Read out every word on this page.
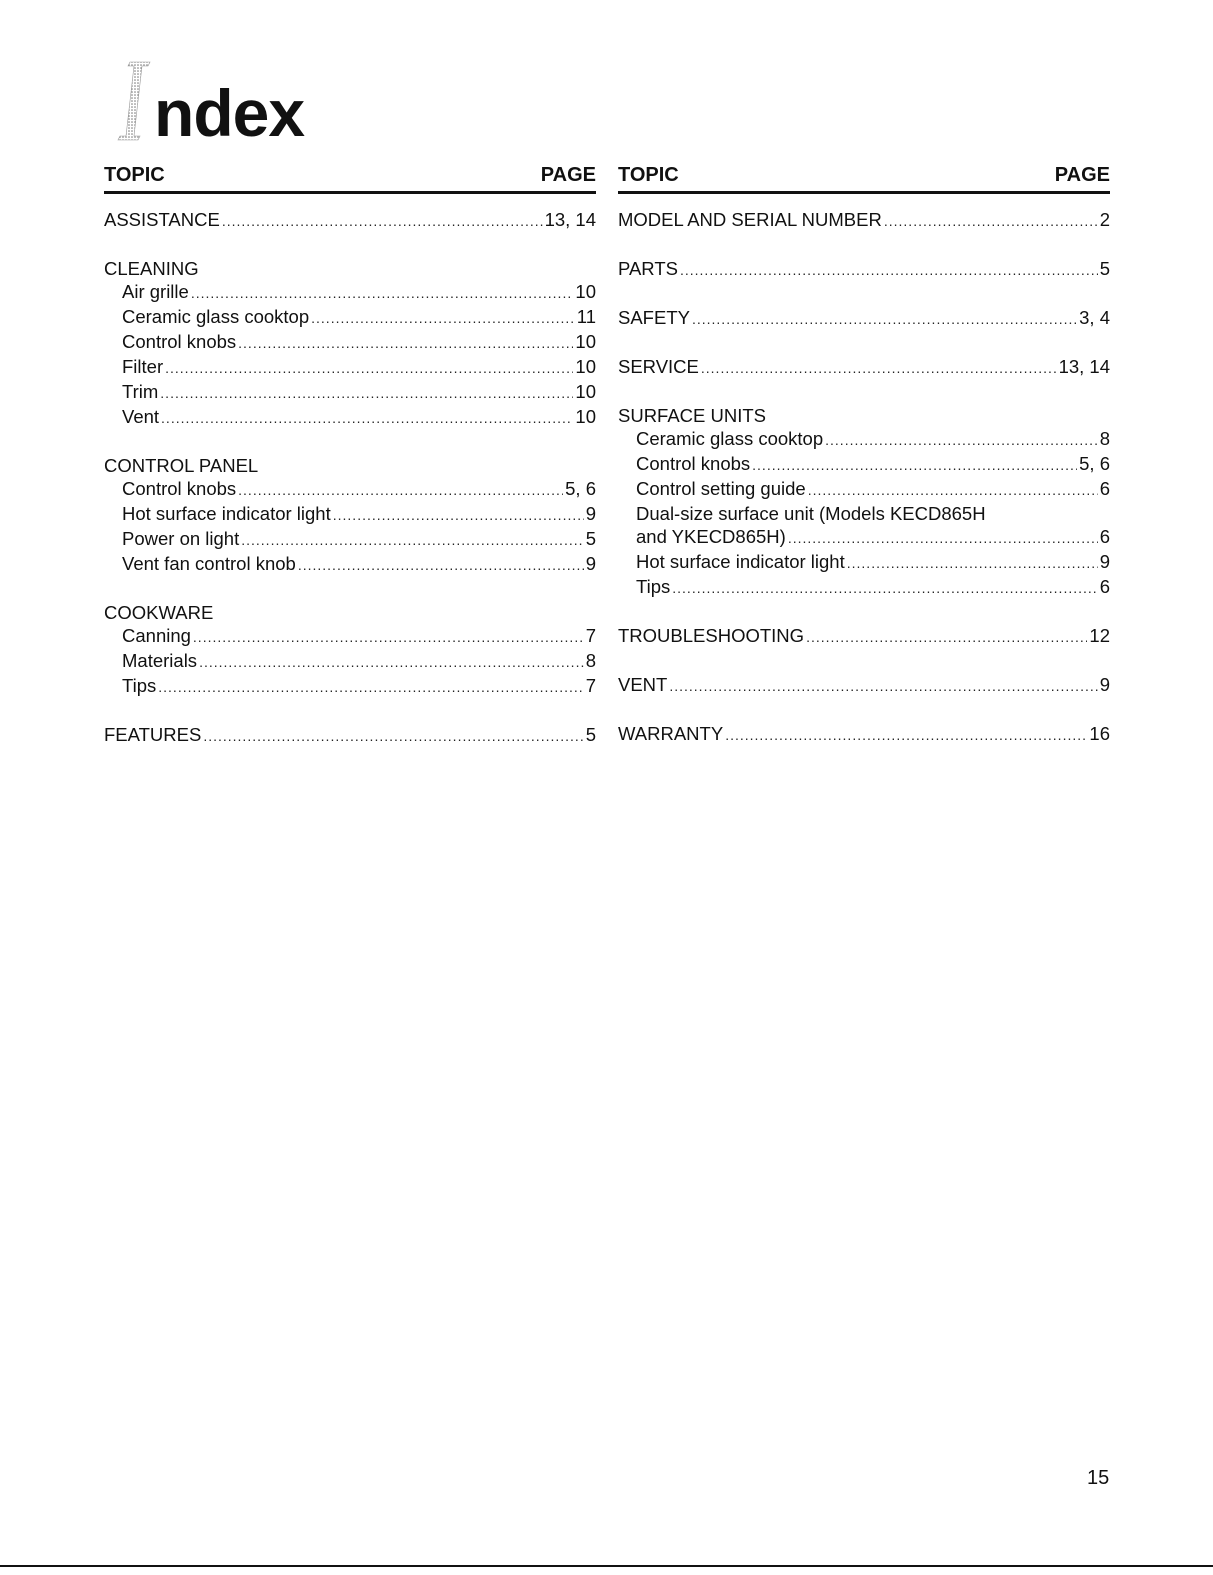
I
ndex
TOPIC	PAGE
ASSISTANCE .....	13, 14
CLEANING
Air grille .....	10
Ceramic glass cooktop .....	11
Control knobs .....	10
Filter .....	10
Trim .....	10
Vent .....	10
CONTROL PANEL
Control knobs .....	5, 6
Hot surface indicator light .....	9
Power on light .....	5
Vent fan control knob .....	9
COOKWARE
Canning .....	7
Materials .....	8
Tips .....	7
FEATURES .....	5
TOPIC	PAGE
MODEL AND SERIAL NUMBER .....	2
PARTS .....	5
SAFETY .....	3, 4
SERVICE .....	13, 14
SURFACE UNITS
Ceramic glass cooktop .....	8
Control knobs .....	5, 6
Control setting guide .....	6
Dual-size surface unit (Models KECD865H
and YKECD865H) .....	6
Hot surface indicator light .....	9
Tips .....	6
TROUBLESHOOTING .....	12
VENT .....	9
WARRANTY .....	16
15
